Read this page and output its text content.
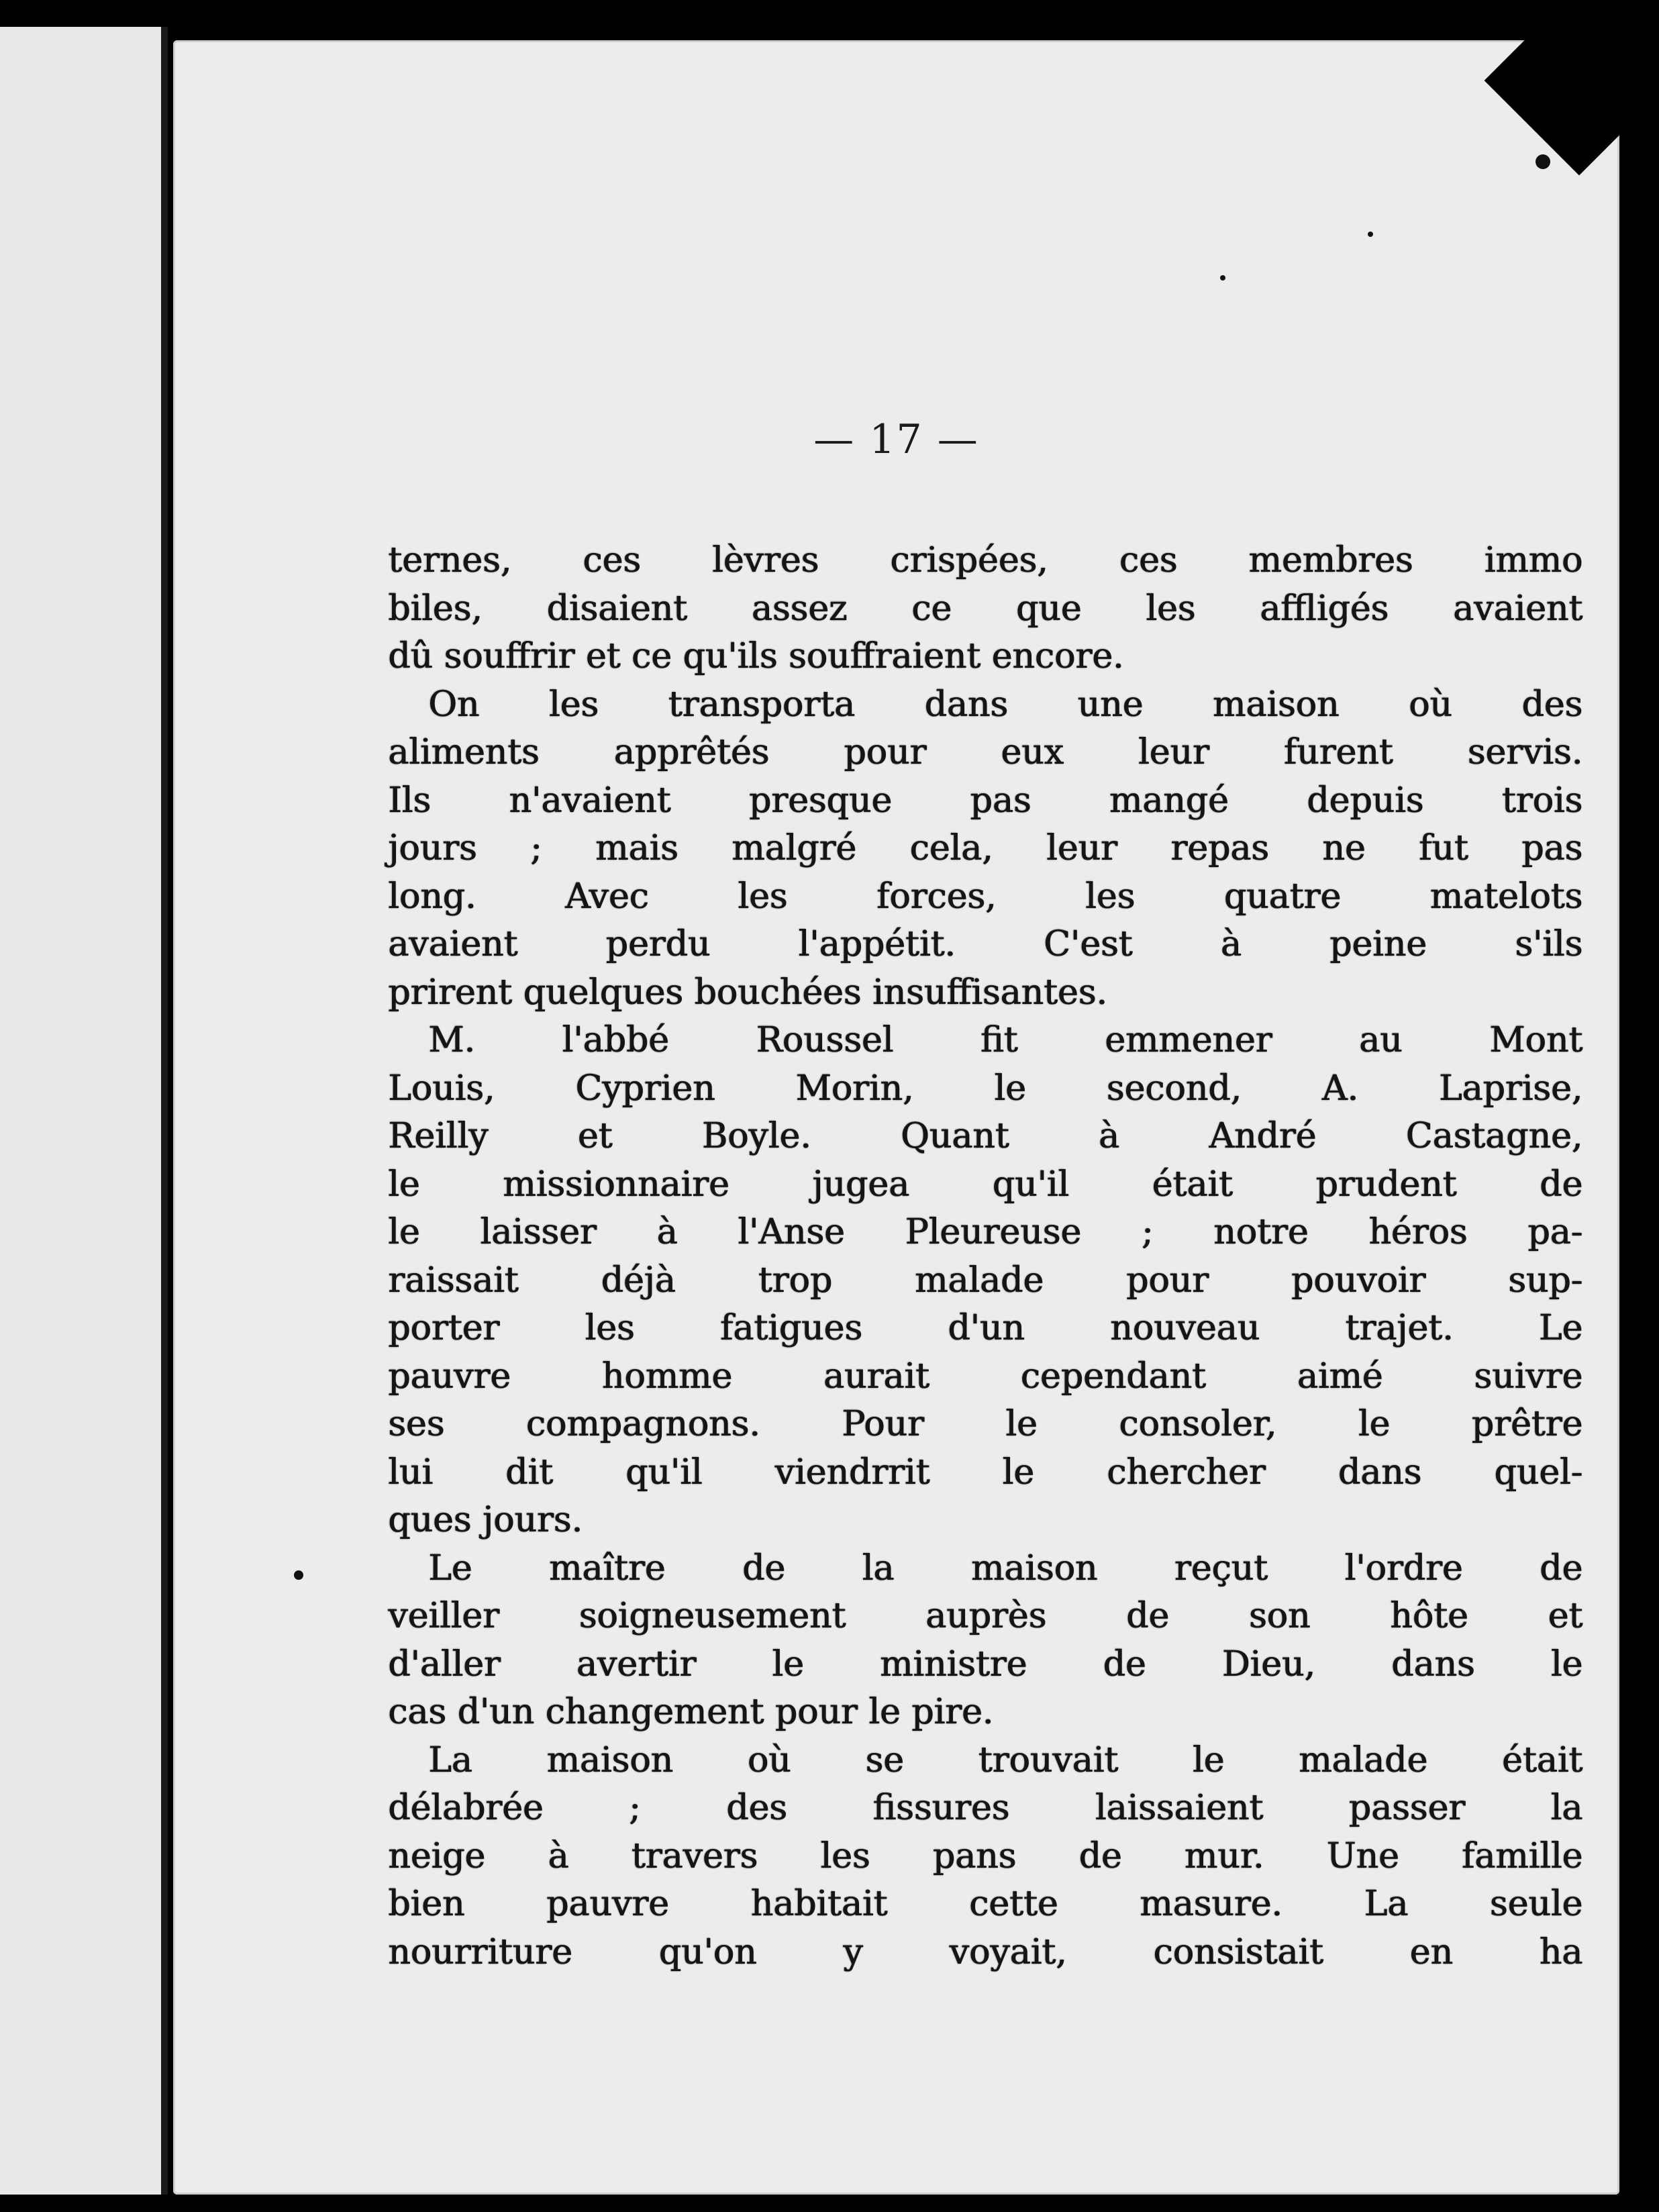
— 17 —
ternes, ces lèvres crispées, ces membres immo
biles, disaient assez ce que les affligés avaient
dû souffrir et ce qu'ils souffraient encore.
On les transporta dans une maison où des
aliments apprêtés pour eux leur furent servis.
Ils n'avaient presque pas mangé depuis trois
jours ; mais malgré cela, leur repas ne fut pas
long. Avec les forces, les quatre matelots
avaient perdu l'appétit. C'est à peine s'ils
prirent quelques bouchées insuffisantes.
M. l'abbé Roussel fit emmener au Mont
Louis, Cyprien Morin, le second, A. Laprise,
Reilly et Boyle. Quant à André Castagne,
le missionnaire jugea qu'il était prudent de
le laisser à l'Anse Pleureuse ; notre héros pa-
raissait déjà trop malade pour pouvoir sup-
porter les fatigues d'un nouveau trajet. Le
pauvre homme aurait cependant aimé suivre
ses compagnons. Pour le consoler, le prêtre
lui dit qu'il viendrrit le chercher dans quel-
ques jours.
Le maître de la maison reçut l'ordre de
veiller soigneusement auprès de son hôte et
d'aller avertir le ministre de Dieu, dans le
cas d'un changement pour le pire.
La maison où se trouvait le malade était
délabrée ; des fissures laissaient passer la
neige à travers les pans de mur. Une famille
bien pauvre habitait cette masure. La seule
nourriture qu'on y voyait, consistait en ha
